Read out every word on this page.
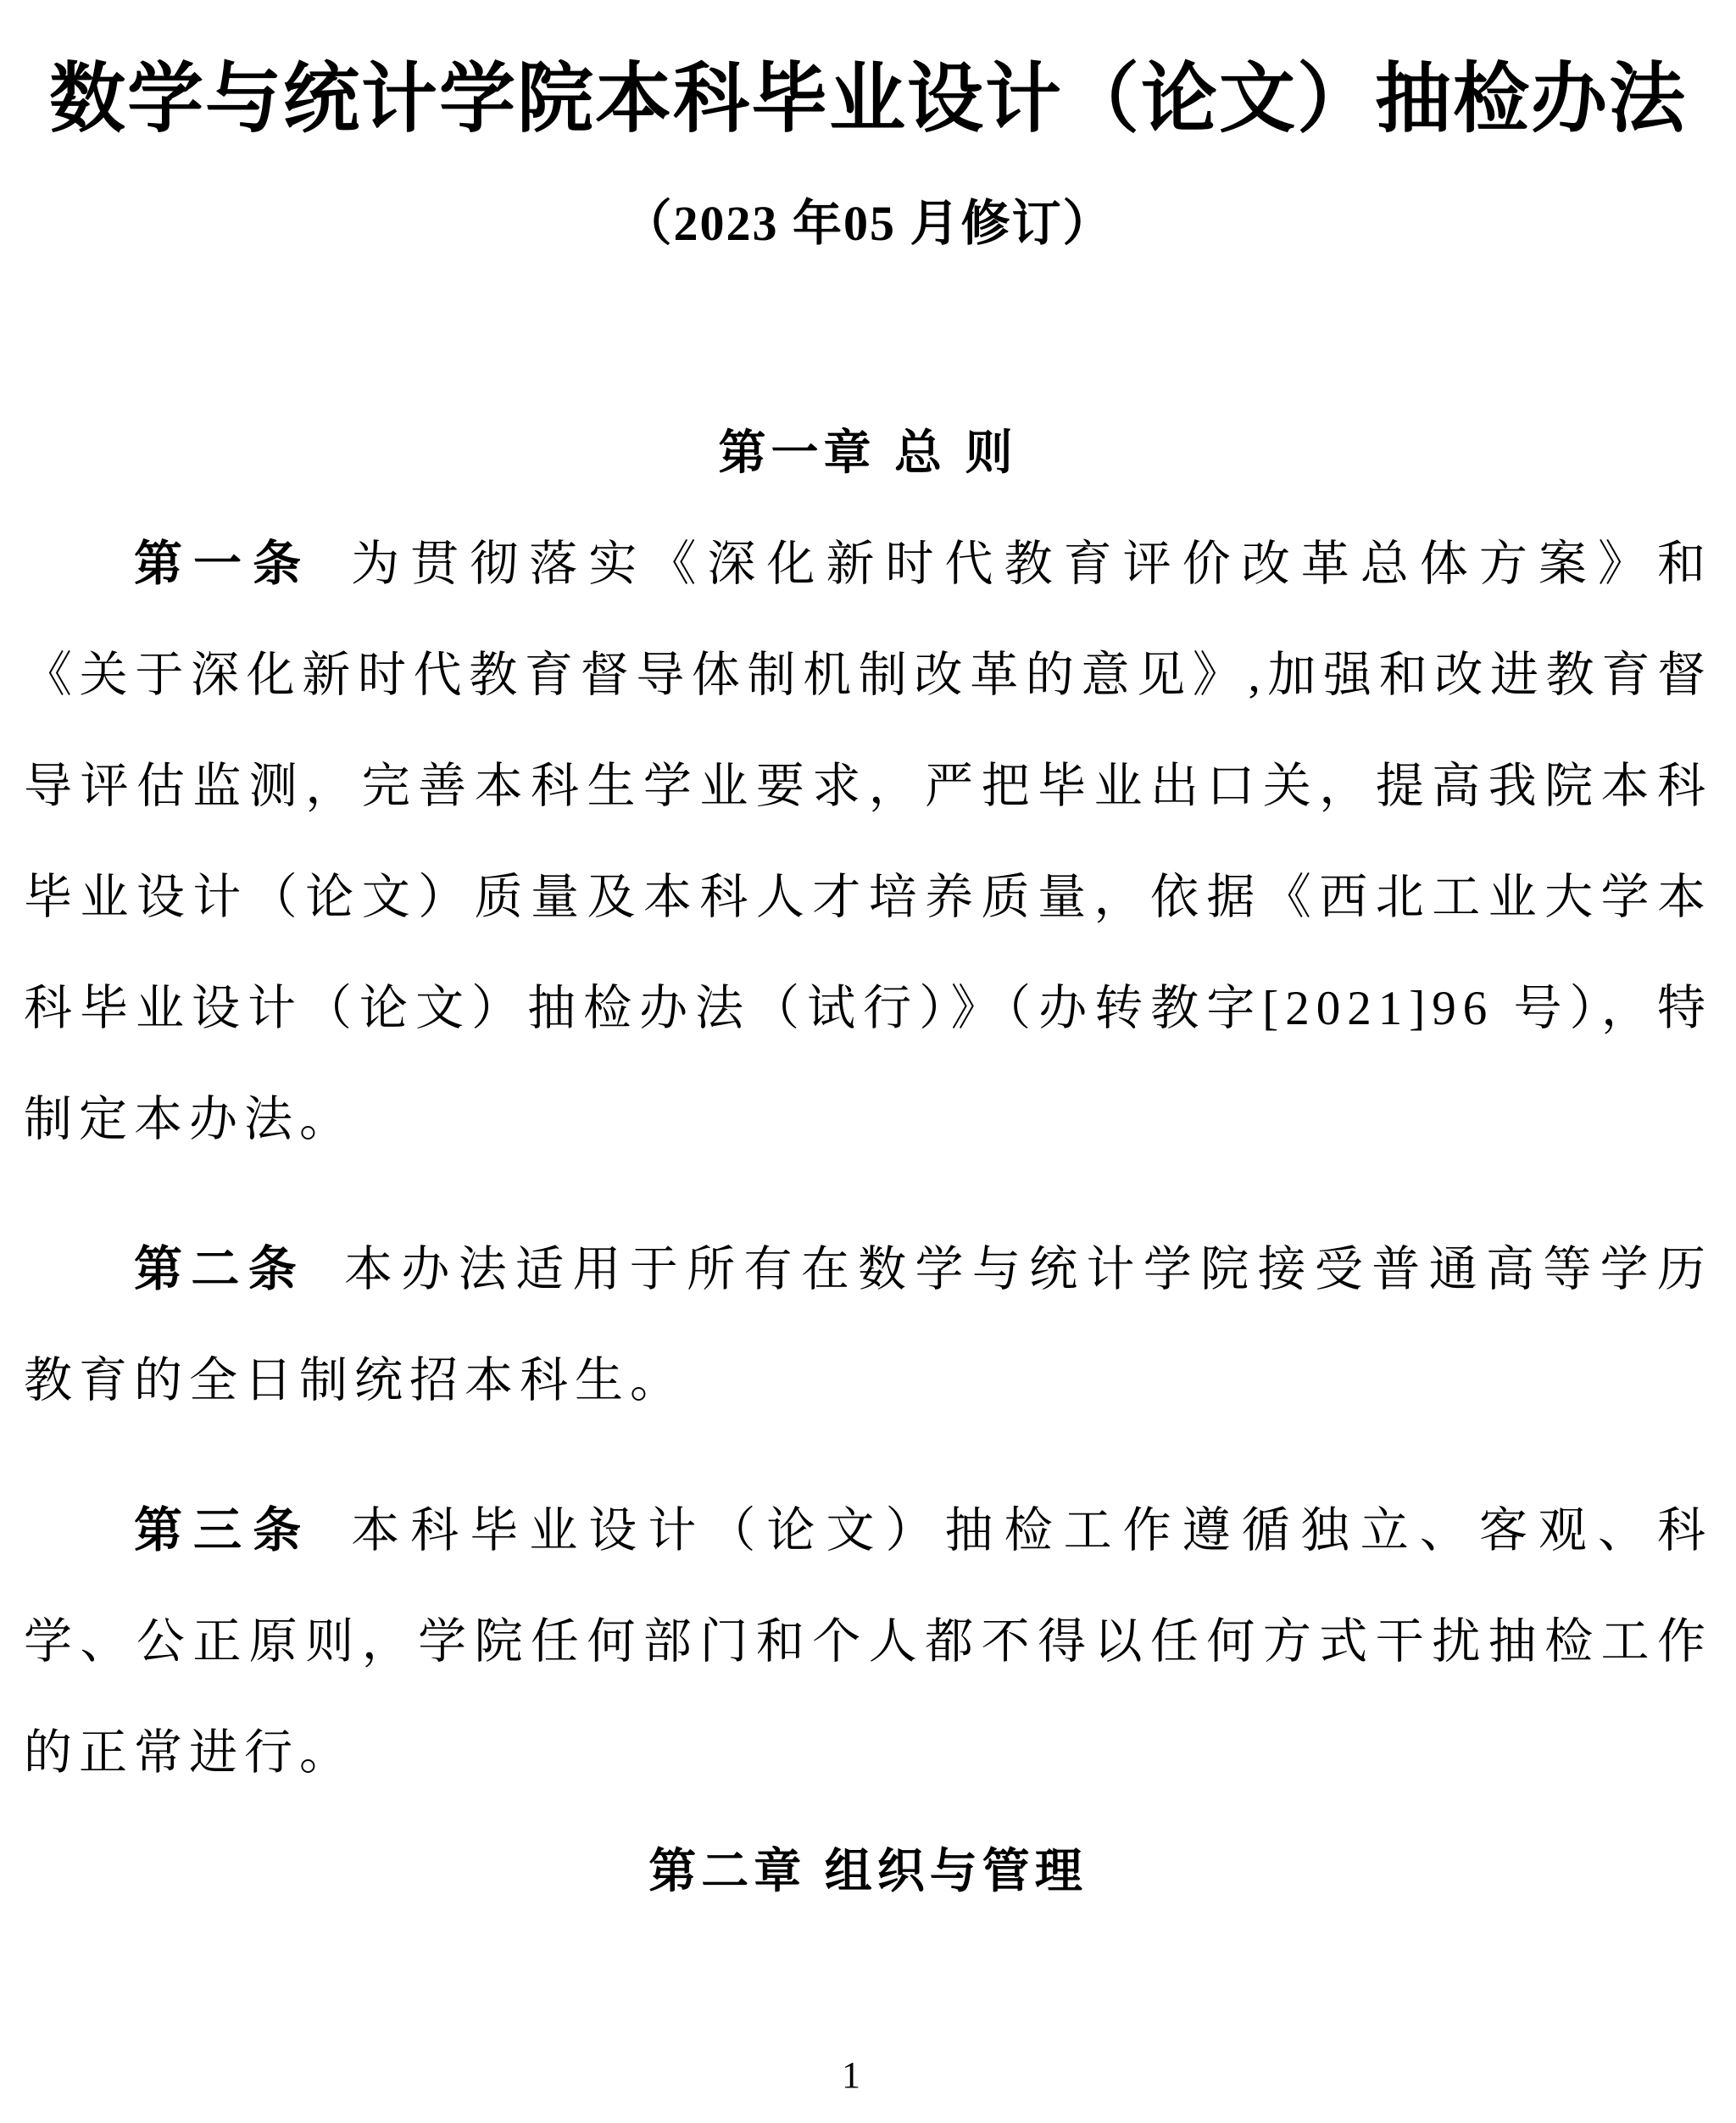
数学与统计学院本科毕业设计（论文）抽检办法
（2023 年05 月修订）
第一章 总 则

第一条 为贯彻落实《深化新时代教育评价改革总体方案》和《关于深化新时代教育督导体制机制改革的意见》,加强和改进教育督导评估监测，完善本科生学业要求，严把毕业出口关，提高我院本科毕业设计（论文）质量及本科人才培养质量，依据《西北工业大学本科毕业设计（论文）抽检办法（试行）》（办转教字[2021]96 号），特制定本办法。

第二条 本办法适用于所有在数学与统计学院接受普通高等学历教育的全日制统招本科生。

第三条 本科毕业设计（论文）抽检工作遵循独立、客观、科学、公正原则，学院任何部门和个人都不得以任何方式干扰抽检工作的正常进行。

第二章 组织与管理
1
